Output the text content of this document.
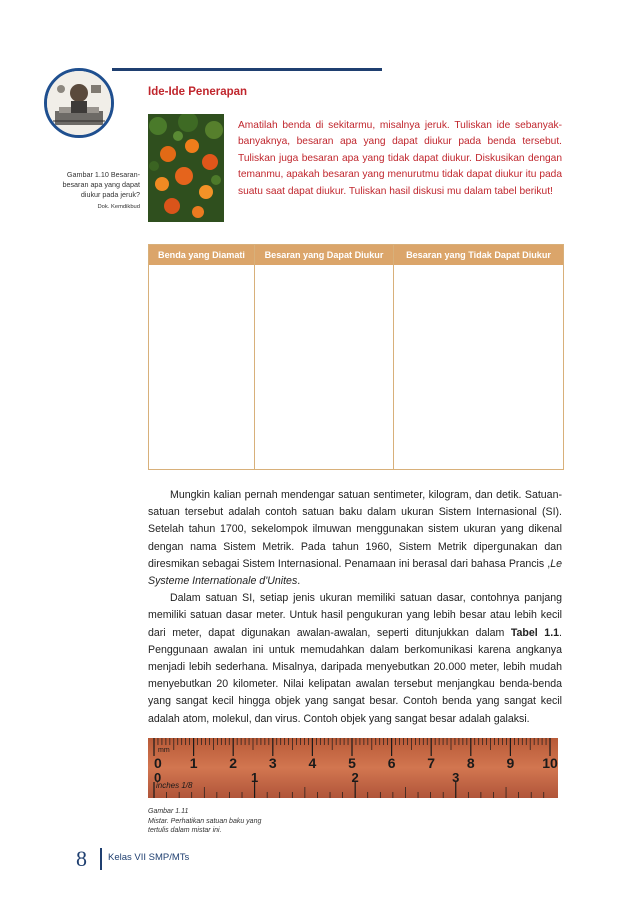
Ide-Ide Penerapan
Gambar 1.10 Besaran-besaran apa yang dapat diukur pada jeruk?
Dok. Kemdikbud
Amatilah benda di sekitarmu, misalnya jeruk. Tuliskan ide sebanyak-banyaknya, besaran apa yang dapat diukur pada benda tersebut. Tuliskan juga besaran apa yang tidak dapat diukur. Diskusikan dengan temanmu, apakah besaran yang menurutmu tidak dapat diukur itu pada suatu saat dapat diukur. Tuliskan hasil diskusi mu dalam tabel berikut!
Benda yang Diamati	Besaran yang Dapat Diukur	Besaran yang Tidak Dapat Diukur

Mungkin kalian pernah mendengar satuan sentimeter, kilogram, dan detik. Satuan-satuan tersebut adalah contoh satuan baku dalam ukuran Sistem Internasional (SI). Setelah tahun 1700, sekelompok ilmuwan menggunakan sistem ukuran yang dikenal dengan nama Sistem Metrik. Pada tahun 1960, Sistem Metrik dipergunakan dan diresmikan sebagai Sistem Internasional. Penamaan ini berasal dari bahasa Prancis ,Le Systeme Internationale d'Unites.

Dalam satuan SI, setiap jenis ukuran memiliki satuan dasar, contohnya panjang memiliki satuan dasar meter. Untuk hasil pengukuran yang lebih besar atau lebih kecil dari meter, dapat digunakan awalan-awalan, seperti ditunjukkan dalam Tabel 1.1. Penggunaan awalan ini untuk memudahkan dalam berkomunikasi karena angkanya menjadi lebih sederhana. Misalnya, daripada menyebutkan 20.000 meter, lebih mudah menyebutkan 20 kilometer. Nilai kelipatan awalan tersebut menjangkau benda-benda yang sangat kecil hingga objek yang sangat besar. Contoh benda yang sangat kecil adalah atom, molekul, dan virus. Contoh objek yang sangat besar adalah galaksi.

0 1 2 3 4 5 6 7 8 9 10
0	1	2	3
mm
inches 1/8
Gambar 1.11
Mistar. Perhatikan satuan baku yang tertulis dalam mistar ini.
8 Kelas VII SMP/MTs
